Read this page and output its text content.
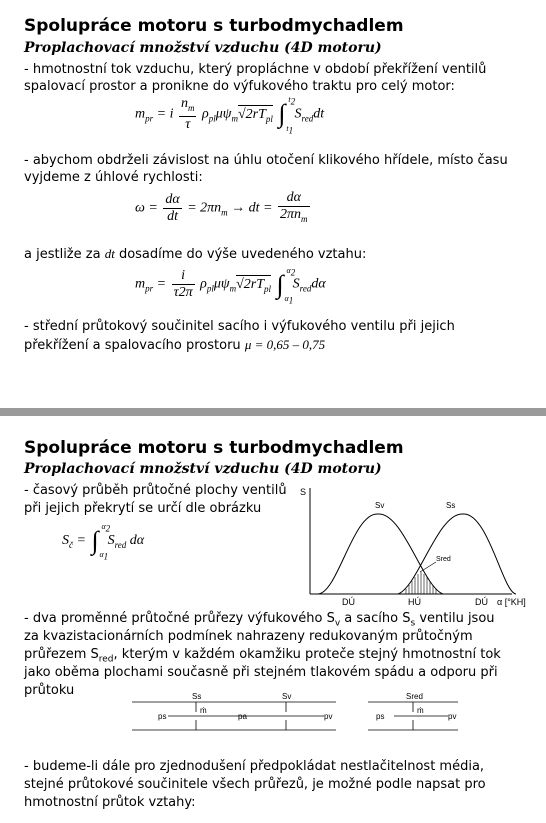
Spolupráce motoru s turbodmychadlem
Proplachovací množství vzduchu (4D motoru)
- hmotnostní tok vzduchu, který propláchne v období překřížení ventilů
spalovací prostor a pronikne do výfukového traktu pro celý motor:
$m_{pr} = i \frac{n_m}{\tau} \rho_{pl}\mu\psi_m√2rT_{pl}$ ∫ $t_2$
$t_1$
$S_{red}dt$
- abychom obdrželi závislost na úhlu otočení klikového hřídele, místo času
vyjdeme z úhlové rychlosti:
$\omega = \frac{d\alpha}{dt} = 2\pi n_m$ → dt = $\frac{d\alpha}{2\pi n_m}$
a jestliže za dt dosadíme do výše uvedeného vztahu:
$m_{pr} = \frac{i}{\tau 2\pi} \rho_{pl}\mu\psi_m√2rT_{pl}$ ∫ $\alpha_2$
$\alpha_1$
$S_{red}d\alpha$
- střední průtokový součinitel sacího i výfukového ventilu při jejich
překřížení a spalovacího prostoru μ = 0,65 – 0,75
Spolupráce motoru s turbodmychadlem
Proplachovací množství vzduchu (4D motoru)
- časový průběh průtočné plochy ventilů
při jejich překrytí se určí dle obrázku
$S_č$ = ∫ $\alpha_2$
$\alpha_1$
$S_{red}$ dα
S
Sv	Ss
Sred
DÚ	HÚ	DÚ α [°KH]
- dva proměnné průtočné průřezy výfukového $S_v$ a sacího $S_s$ ventilu jsou
za kvazistacionárních podmínek nahrazeny redukovaným průtočným
průřezem $S_{red}$, kterým v každém okamžiku proteče stejný hmotnostní tok
jako oběma plochami současně při stejném tlakovém spádu a odporu při
průtoku	Ss	Sv
ps
ṁ
pa	pv
Sred
ps
ṁ
pv
- budeme-li dále pro zjednodušení předpokládat nestlačitelnost média,
stejné průtokové součinitele všech průřezů, je možné podle napsat pro
hmotnostní průtok vztahy:
